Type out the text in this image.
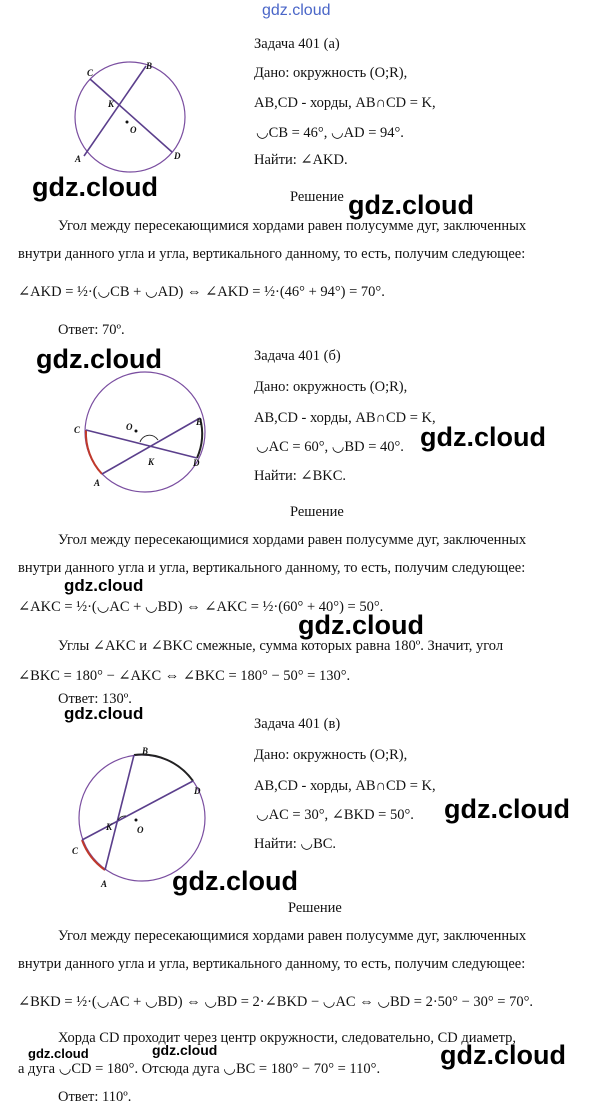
gdz.cloud
C
B
K
O
A	D
Задача 401 (а)
Дано: окружность (O;R),
AB,CD - хорды, AB∩CD = K,
◡CB = 46°, ◡AD = 94°.
Найти: ∠AKD.
gdz.cloud	Решение gdz.cloud
Угол между пересекающимися хордами равен полусумме дуг, заключенных
внутри данного угла и угла, вертикального данному, то есть, получим следующее:
∠AKD = ½·(◡CB + ◡AD) ⇔ ∠AKD = ½·(46° + 94°) = 70°.
Ответ: 70º.
gdz.cloud
C
B
O
K	D
A
Задача 401 (б)
Дано: окружность (O;R),
AB,CD - хорды, AB∩CD = K,
◡AC = 60°, ◡BD = 40°. gdz.cloud
Найти: ∠BKC.
Решение
Угол между пересекающимися хордами равен полусумме дуг, заключенных
внутри данного угла и угла, вертикального данному, то есть, получим следующее:
gdz.cloud
∠AKC = ½·(◡AC + ◡BD) ⇔ ∠AKC = ½·(60° + 40°) = 50°.
gdz.cloud
Углы ∠AKC и ∠BKC смежные, сумма которых равна 180º. Значит, угол
∠BKC = 180° − ∠AKC ⇔ ∠BKC = 180° − 50° = 130°.
Ответ: 130º.
gdz.cloud
B
D
K	O
C
A
Задача 401 (в)
Дано: окружность (O;R),
AB,CD - хорды, AB∩CD = K,
◡AC = 30°, ∠BKD = 50°. gdz.cloud
Найти: ◡BC.
gdz.cloud
Решение
Угол между пересекающимися хордами равен полусумме дуг, заключенных
внутри данного угла и угла, вертикального данному, то есть, получим следующее:
∠BKD = ½·(◡AC + ◡BD) ⇔ ◡BD = 2·∠BKD − ◡AC ⇔ ◡BD = 2·50° − 30° = 70°.
Хорда CD проходит через центр окружности, следовательно, CD диаметр,
gdz.cloud	gdz.cloud	gdz.cloud
а дуга ◡CD = 180°. Отсюда дуга ◡BC = 180° − 70° = 110°.
Ответ: 110º.
